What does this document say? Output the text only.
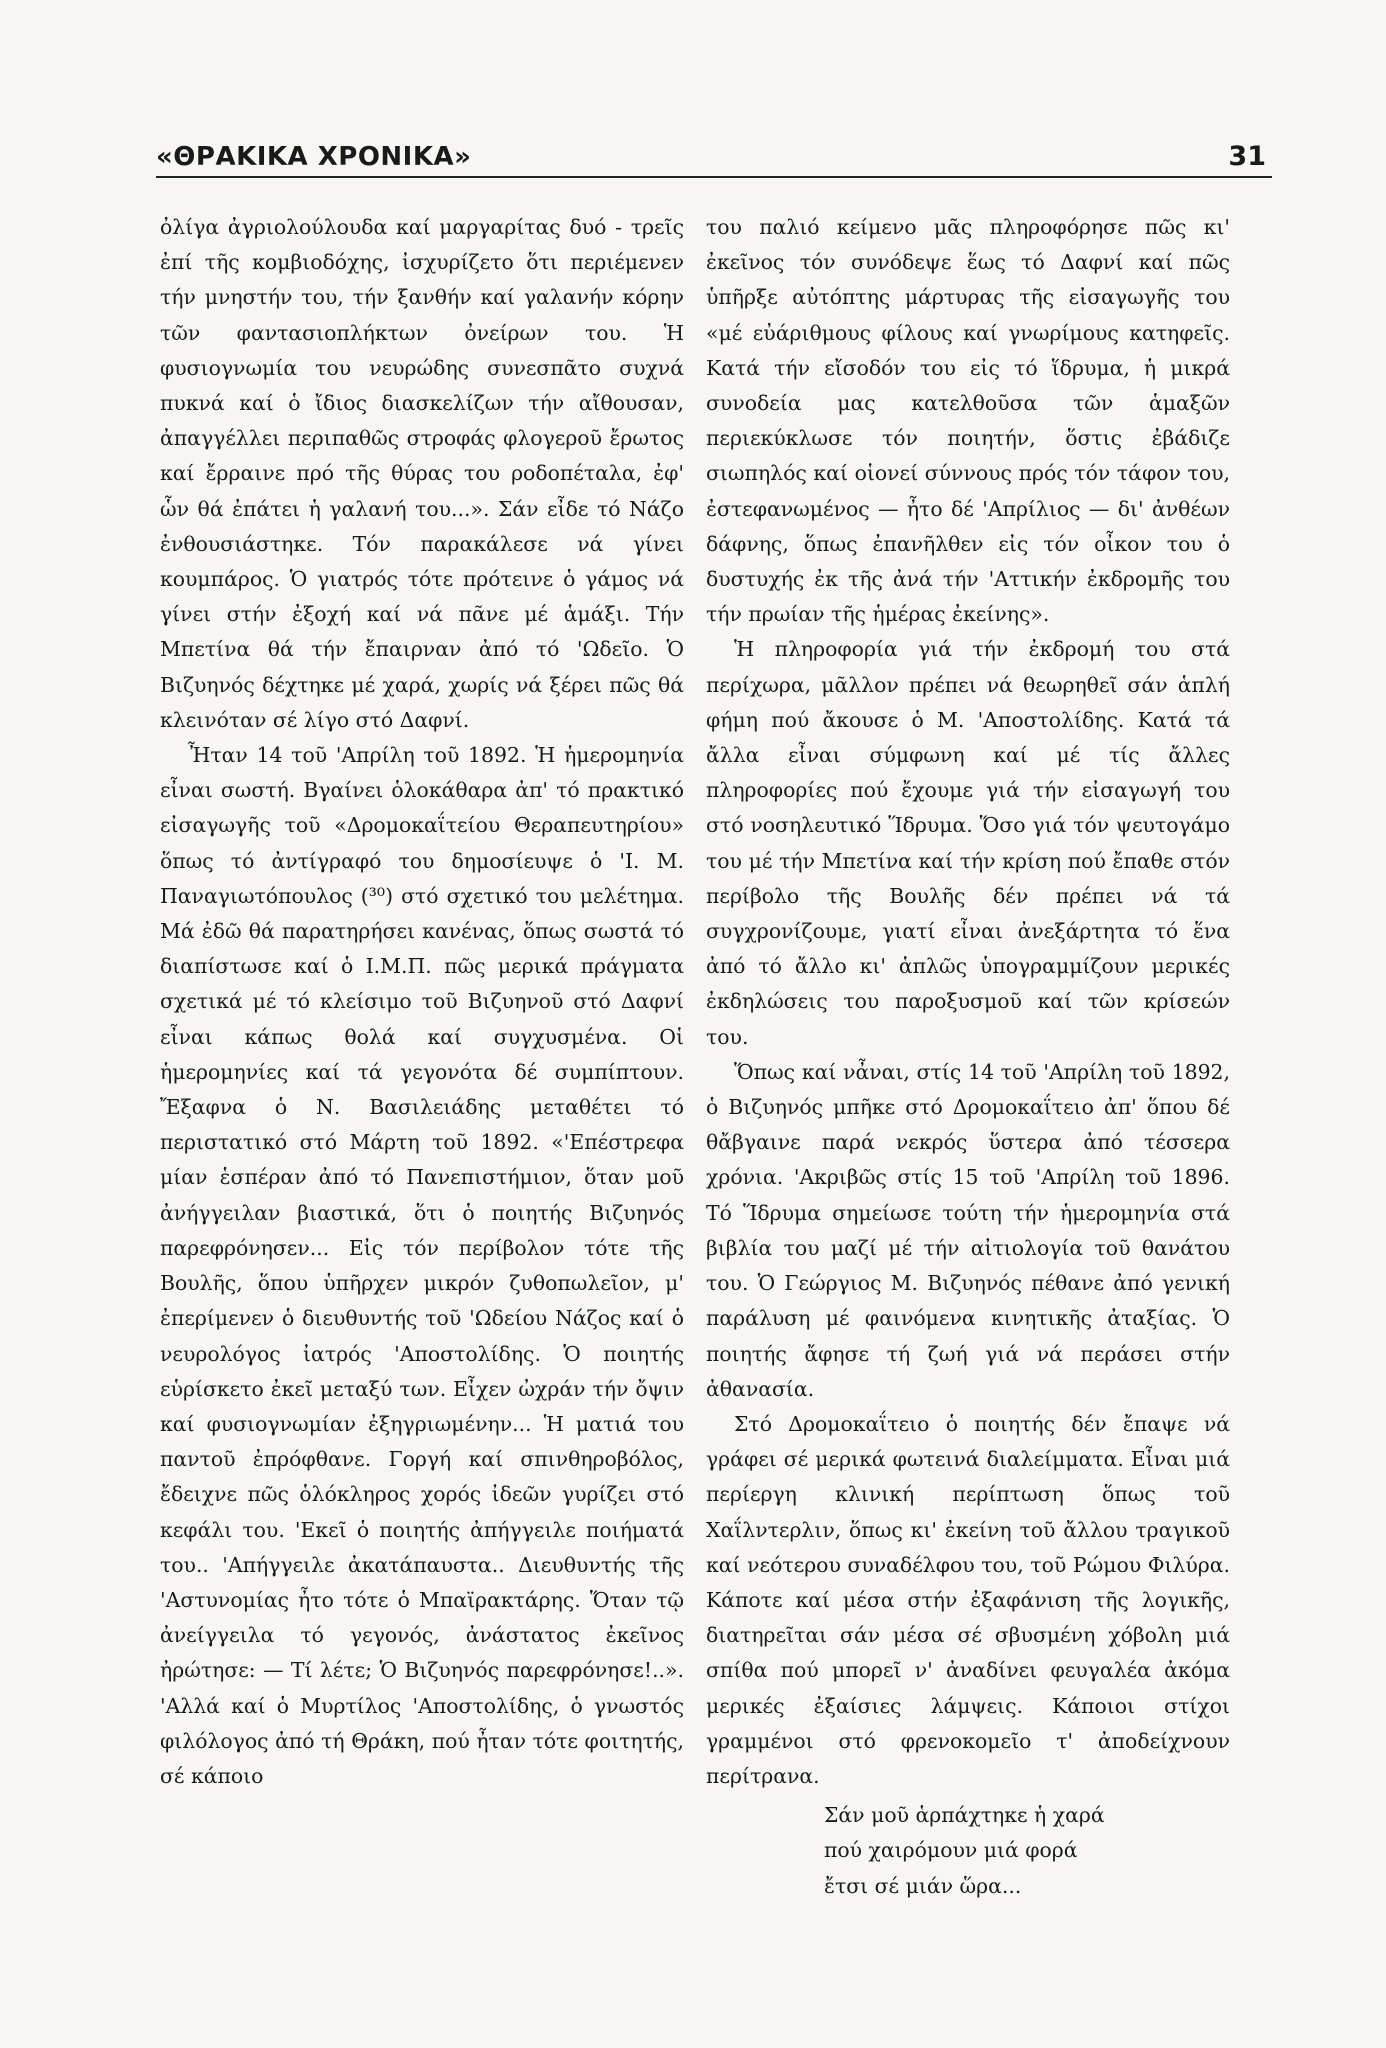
«ΘΡΑΚΙΚΑ ΧΡΟΝΙΚΑ»	31

ὀλίγα ἀγριολούλουδα καί μαργαρίτας δυό - τρεῖς ἐπί τῆς κομβιοδόχης, ἰσχυρίζετο ὅτι περιέμενεν τήν μνηστήν του, τήν ξανθήν καί γαλανήν κόρην τῶν φαντασιοπλήκτων ὀνείρων του. Ἡ φυσιογνωμία του νευρώδης συνεσπᾶτο συχνά πυκνά καί ὁ ἴδιος διασκελίζων τήν αἴθουσαν, ἀπαγγέλλει περιπαθῶς στροφάς φλογεροῦ ἔρωτος καί ἔρραινε πρό τῆς θύρας του ροδοπέταλα, ἐφ' ὧν θά ἐπάτει ἡ γαλανή του...». Σάν εἶδε τό Νάζο ἐνθουσιάστηκε. Τόν παρακάλεσε νά γίνει κουμπάρος. Ὁ γιατρός τότε πρότεινε ὁ γάμος νά γίνει στήν ἐξοχή καί νά πᾶνε μέ ἁμάξι. Τήν Μπετίνα θά τήν ἔπαιρναν ἀπό τό 'Ωδεῖο. Ὁ Βιζυηνός δέχτηκε μέ χαρά, χωρίς νά ξέρει πῶς θά κλεινόταν σέ λίγο στό Δαφνί.

Ἦταν 14 τοῦ 'Απρίλη τοῦ 1892. Ἡ ἡμερομηνία εἶναι σωστή. Βγαίνει ὁλοκάθαρα ἀπ' τό πρακτικό εἰσαγωγῆς τοῦ «Δρομοκαΐτείου Θεραπευτηρίου» ὅπως τό ἀντίγραφό του δημοσίευψε ὁ 'Ι. Μ. Παναγιωτόπουλος (³⁰) στό σχετικό του μελέτημα. Μά ἐδῶ θά παρατηρήσει κανένας, ὅπως σωστά τό διαπίστωσε καί ὁ Ι.Μ.Π. πῶς μερικά πράγματα σχετικά μέ τό κλείσιμο τοῦ Βιζυηνοῦ στό Δαφνί εἶναι κάπως θολά καί συγχυσμένα. Οἱ ἡμερομηνίες καί τά γεγονότα δέ συμπίπτουν. Ἔξαφνα ὁ Ν. Βασιλειάδης μεταθέτει τό περιστατικό στό Μάρτη τοῦ 1892. «'Επέστρεφα μίαν ἑσπέραν ἀπό τό Πανεπιστήμιον, ὅταν μοῦ ἀνήγγειλαν βιαστικά, ὅτι ὁ ποιητής Βιζυηνός παρεφρόνησεν... Εἰς τόν περίβολον τότε τῆς Βουλῆς, ὅπου ὑπῆρχεν μικρόν ζυθοπωλεῖον, μ' ἐπερίμενεν ὁ διευθυντής τοῦ 'Ωδείου Νάζος καί ὁ νευρολόγος ἰατρός 'Αποστολίδης. Ὁ ποιητής εὑρίσκετο ἐκεῖ μεταξύ των. Εἶχεν ὠχράν τήν ὄψιν καί φυσιογνωμίαν ἐξηγριωμένην... Ἡ ματιά του παντοῦ ἐπρόφθανε. Γοργή καί σπινθηροβόλος, ἔδειχνε πῶς ὁλόκληρος χορός ἰδεῶν γυρίζει στό κεφάλι του. 'Εκεῖ ὁ ποιητής ἀπήγγειλε ποιήματά του.. 'Απήγγειλε ἀκατάπαυστα.. Διευθυντής τῆς 'Αστυνομίας ἦτο τότε ὁ Μπαϊρακτάρης. Ὅταν τῷ ἀνείγγειλα τό γεγονός, ἀνάστατος ἐκεῖνος ἠρώτησε: — Τί λέτε; Ὁ Βιζυηνός παρεφρόνησε!..». 'Αλλά καί ὁ Μυρτίλος 'Αποστολίδης, ὁ γνωστός φιλόλογος ἀπό τή Θράκη, πού ἦταν τότε φοιτητής, σέ κάποιο

του παλιό κείμενο μᾶς πληροφόρησε πῶς κι' ἐκεῖνος τόν συνόδεψε ἕως τό Δαφνί καί πῶς ὑπῆρξε αὐτόπτης μάρτυρας τῆς εἰσαγωγῆς του «μέ εὐάριθμους φίλους καί γνωρίμους κατηφεῖς. Κατά τήν εἴσοδόν του εἰς τό ἵδρυμα, ἡ μικρά συνοδεία μας κατελθοῦσα τῶν ἁμαξῶν περιεκύκλωσε τόν ποιητήν, ὅστις ἐβάδιζε σιωπηλός καί οἱονεί σύννους πρός τόν τάφον του, ἐστεφανωμένος — ἦτο δέ 'Απρίλιος — δι' ἀνθέων δάφνης, ὅπως ἐπανῆλθεν εἰς τόν οἶκον του ὁ δυστυχής ἐκ τῆς ἀνά τήν 'Αττικήν ἐκδρομῆς του τήν πρωίαν τῆς ἡμέρας ἐκείνης».

Ἡ πληροφορία γιά τήν ἐκδρομή του στά περίχωρα, μᾶλλον πρέπει νά θεωρηθεῖ σάν ἁπλή φήμη πού ἄκουσε ὁ Μ. 'Αποστολίδης. Κατά τά ἄλλα εἶναι σύμφωνη καί μέ τίς ἄλλες πληροφορίες πού ἔχουμε γιά τήν εἰσαγωγή του στό νοσηλευτικό Ἵδρυμα. Ὅσο γιά τόν ψευτογάμο του μέ τήν Μπετίνα καί τήν κρίση πού ἔπαθε στόν περίβολο τῆς Βουλῆς δέν πρέπει νά τά συγχρονίζουμε, γιατί εἶναι ἀνεξάρτητα τό ἕνα ἀπό τό ἄλλο κι' ἁπλῶς ὑπογραμμίζουν μερικές ἐκδηλώσεις του παροξυσμοῦ καί τῶν κρίσεών του.

Ὅπως καί νἆναι, στίς 14 τοῦ 'Απρίλη τοῦ 1892, ὁ Βιζυηνός μπῆκε στό Δρομοκαΐτειο ἀπ' ὅπου δέ θἄβγαινε παρά νεκρός ὕστερα ἀπό τέσσερα χρόνια. 'Ακριβῶς στίς 15 τοῦ 'Απρίλη τοῦ 1896. Τό Ἵδρυμα σημείωσε τούτη τήν ἡμερομηνία στά βιβλία του μαζί μέ τήν αἰτιολογία τοῦ θανάτου του. Ὁ Γεώργιος Μ. Βιζυηνός πέθανε ἀπό γενική παράλυση μέ φαινόμενα κινητικῆς ἀταξίας. Ὁ ποιητής ἄφησε τή ζωή γιά νά περάσει στήν ἀθανασία.

Στό Δρομοκαΐτειο ὁ ποιητής δέν ἔπαψε νά γράφει σέ μερικά φωτεινά διαλείμματα. Εἶναι μιά περίεργη κλινική περίπτωση ὅπως τοῦ Χαΐλντερλιν, ὅπως κι' ἐκείνη τοῦ ἄλλου τραγικοῦ καί νεότερου συναδέλφου του, τοῦ Ρώμου Φιλύρα. Κάποτε καί μέσα στήν ἐξαφάνιση τῆς λογικῆς, διατηρεῖται σάν μέσα σέ σβυσμένη χόβολη μιά σπίθα πού μπορεῖ ν' ἀναδίνει φευγαλέα ἀκόμα μερικές ἐξαίσιες λάμψεις. Κάποιοι στίχοι γραμμένοι στό φρενοκομεῖο τ' ἀποδείχνουν περίτρανα.

Σάν μοῦ ἁρπάχτηκε ἡ χαρά
πού χαιρόμουν μιά φορά
ἔτσι σέ μιάν ὥρα...
